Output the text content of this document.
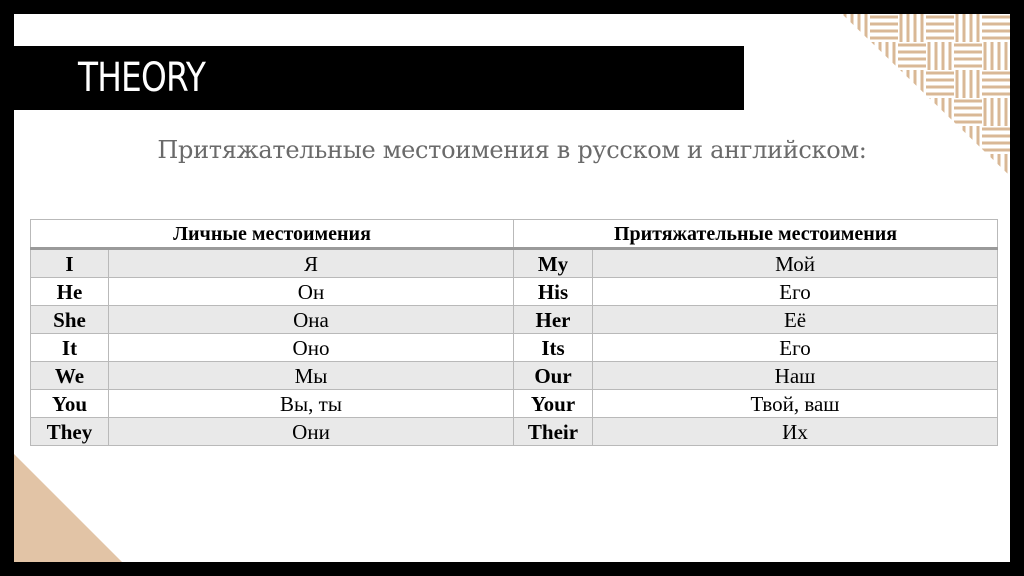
THEORY
Притяжательные местоимения в русском и английском:
Личные местоимения		Притяжательные местоимения	
I	Я	My	Мой
He	Он	His	Его
She	Она	Her	Её
It	Оно	Its	Его
We	Мы	Our	Наш
You	Вы, ты	Your	Твой, ваш
They	Они	Their	Их
